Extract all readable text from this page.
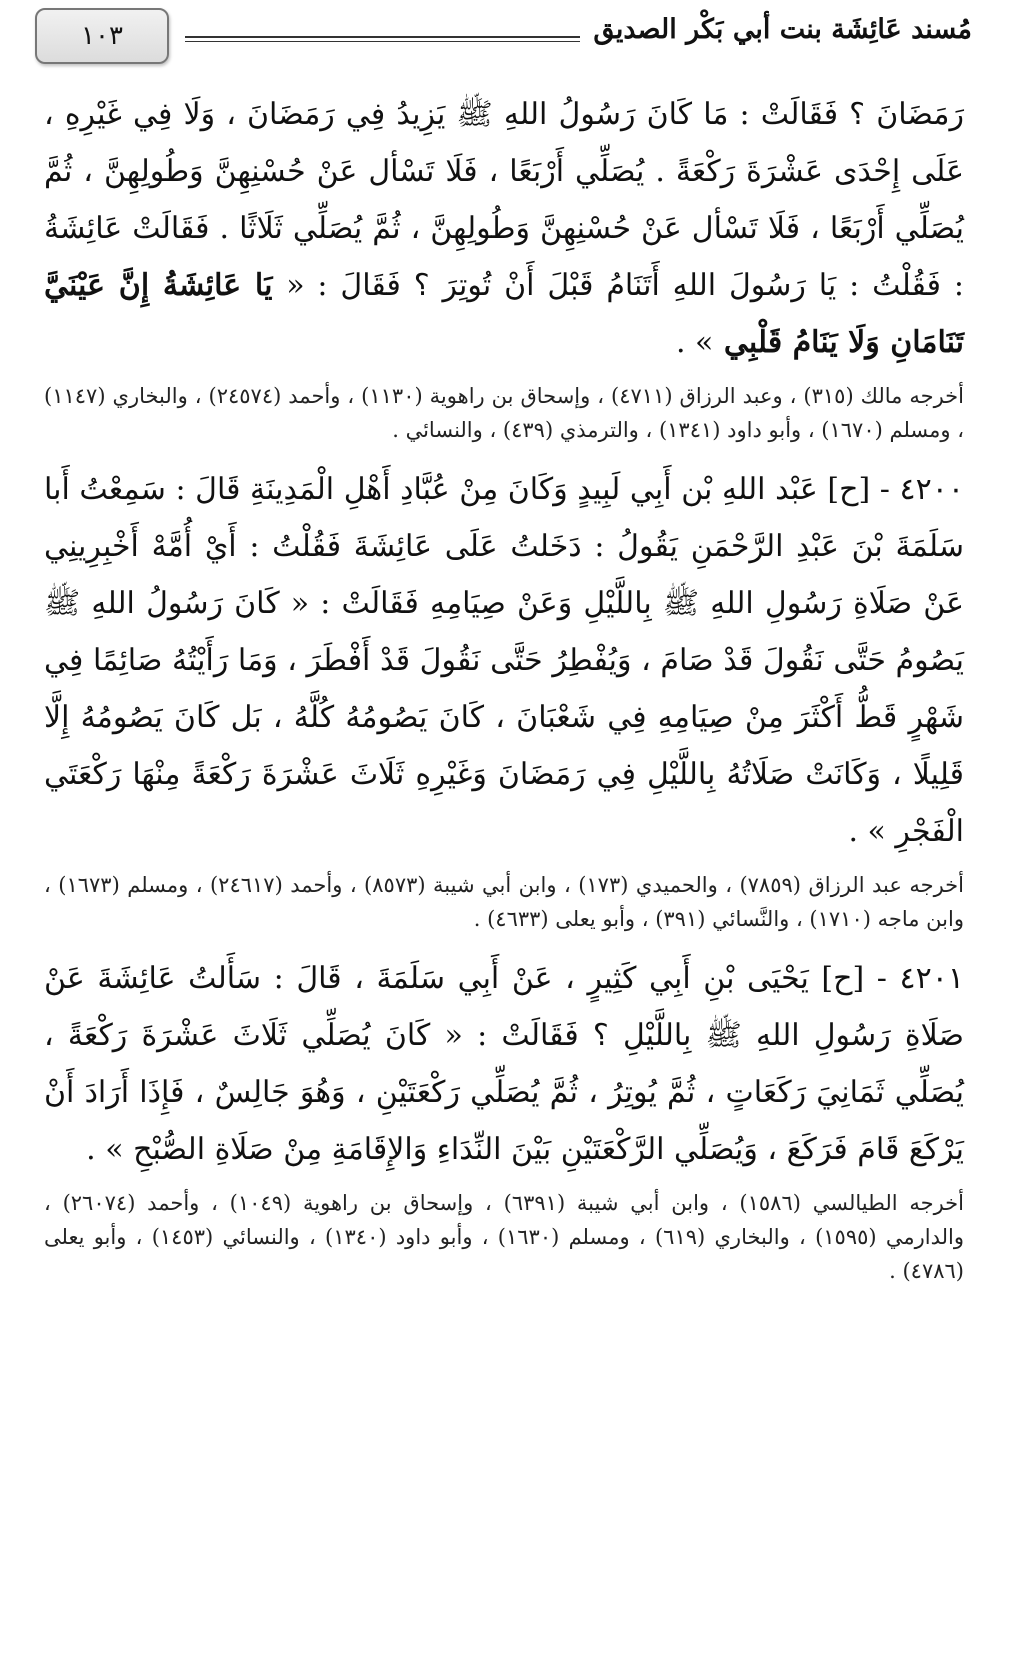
مُسند عَائِشَة بنت أبي بَكْر الصديق
١٠٣

رَمَضَانَ ؟ فَقَالَتْ : مَا كَانَ رَسُولُ اللهِ ﷺ يَزِيدُ فِي رَمَضَانَ ، وَلَا فِي غَيْرِهِ ، عَلَى إِحْدَى عَشْرَةَ رَكْعَةً . يُصَلِّي أَرْبَعًا ، فَلَا تَسْأل عَنْ حُسْنِهِنَّ وَطُولِهِنَّ ، ثُمَّ يُصَلِّي أَرْبَعًا ، فَلَا تَسْأل عَنْ حُسْنِهِنَّ وَطُولِهِنَّ ، ثُمَّ يُصَلِّي ثَلَاثًا . فَقَالَتْ عَائِشَةُ : فَقُلْتُ : يَا رَسُولَ اللهِ أَتَنَامُ قَبْلَ أَنْ تُوتِرَ ؟ فَقَالَ : « يَا عَائِشَةُ إِنَّ عَيْنَيَّ تَنَامَانِ وَلَا يَنَامُ قَلْبِي » .

أخرجه مالك (٣١٥) ، وعبد الرزاق (٤٧١١) ، وإسحاق بن راهوية (١١٣٠) ، وأحمد (٢٤٥٧٤) ، والبخاري (١١٤٧) ، ومسلم (١٦٧٠) ، وأبو داود (١٣٤١) ، والترمذي (٤٣٩) ، والنسائي .

٤٢٠٠ - [ح] عَبْد اللهِ بْن أَبِي لَبِيدٍ وَكَانَ مِنْ عُبَّادِ أَهْلِ الْمَدِينَةِ قَالَ : سَمِعْتُ أَبا سَلَمَةَ بْنَ عَبْدِ الرَّحْمَنِ يَقُولُ : دَخَلتُ عَلَى عَائِشَةَ فَقُلْتُ : أَيْ أُمَّهْ أَخْبِرِينِي عَنْ صَلَاةِ رَسُولِ اللهِ ﷺ بِاللَّيْلِ وَعَنْ صِيَامِهِ فَقَالَتْ : « كَانَ رَسُولُ اللهِ ﷺ يَصُومُ حَتَّى نَقُولَ قَدْ صَامَ ، وَيُفْطِرُ حَتَّى نَقُولَ قَدْ أَفْطَرَ ، وَمَا رَأَيْتُهُ صَائِمًا فِي شَهْرٍ قَطُّ أَكْثَرَ مِنْ صِيَامِهِ فِي شَعْبَانَ ، كَانَ يَصُومُهُ كُلَّهُ ، بَل كَانَ يَصُومُهُ إِلَّا قَلِيلًا ، وَكَانَتْ صَلَاتُهُ بِاللَّيْلِ فِي رَمَضَانَ وَغَيْرِهِ ثَلَاثَ عَشْرَةَ رَكْعَةً مِنْهَا رَكْعَتَي الْفَجْرِ » .

أخرجه عبد الرزاق (٧٨٥٩) ، والحميدي (١٧٣) ، وابن أبي شيبة (٨٥٧٣) ، وأحمد (٢٤٦١٧) ، ومسلم (١٦٧٣) ، وابن ماجه (١٧١٠) ، والنَّسائي (٣٩١) ، وأبو يعلى (٤٦٣٣) .

٤٢٠١ - [ح] يَحْيَى بْنِ أَبِي كَثِيرٍ ، عَنْ أَبِي سَلَمَةَ ، قَالَ : سَأَلتُ عَائِشَةَ عَنْ صَلَاةِ رَسُولِ اللهِ ﷺ بِاللَّيْلِ ؟ فَقَالَتْ : « كَانَ يُصَلِّي ثَلَاثَ عَشْرَةَ رَكْعَةً ، يُصَلِّي ثَمَانِيَ رَكَعَاتٍ ، ثُمَّ يُوتِرُ ، ثُمَّ يُصَلِّي رَكْعَتَيْنِ ، وَهُوَ جَالِسٌ ، فَإِذَا أَرَادَ أَنْ يَرْكَعَ قَامَ فَرَكَعَ ، وَيُصَلِّي الرَّكْعَتَيْنِ بَيْنَ النِّدَاءِ وَالإِقَامَةِ مِنْ صَلَاةِ الصُّبْحِ » .

أخرجه الطيالسي (١٥٨٦) ، وابن أبي شيبة (٦٣٩١) ، وإسحاق بن راهوية (١٠٤٩) ، وأحمد (٢٦٠٧٤) ، والدارمي (١٥٩٥) ، والبخاري (٦١٩) ، ومسلم (١٦٣٠) ، وأبو داود (١٣٤٠) ، والنسائي (١٤٥٣) ، وأبو يعلى (٤٧٨٦) .
